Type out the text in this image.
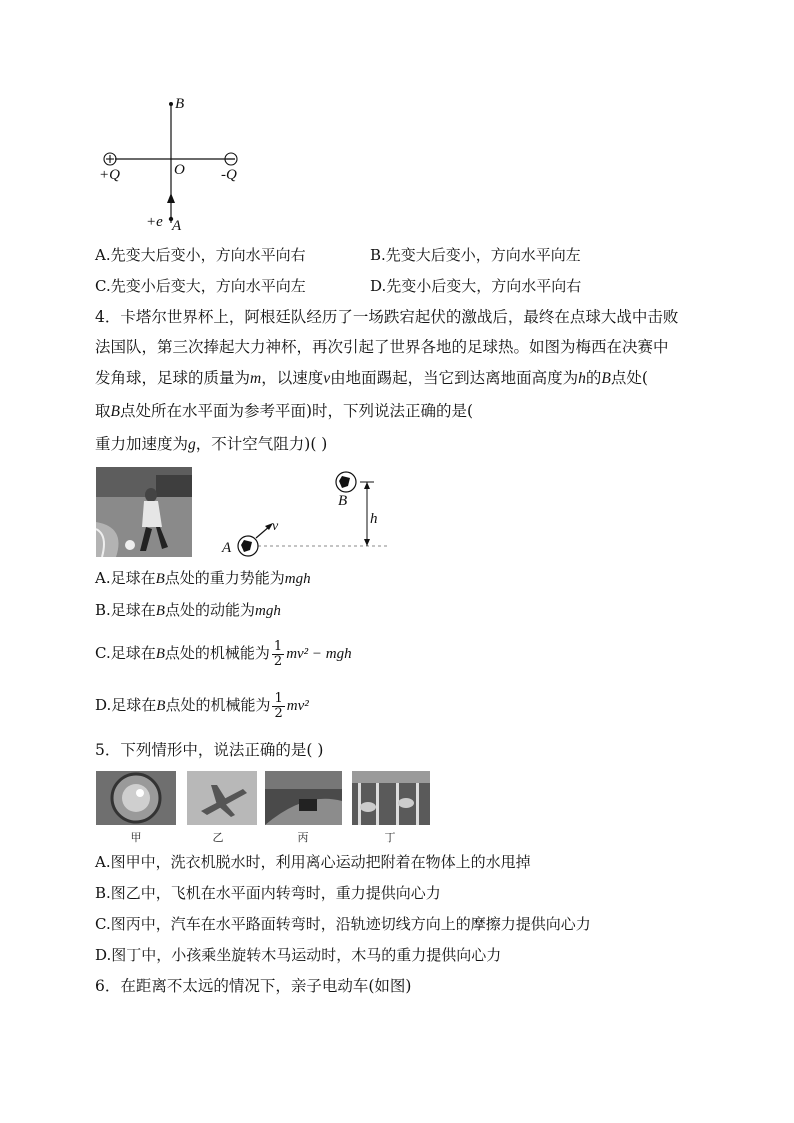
B
O
+Q	-Q
+e A
A.先变大后变小，方向水平向右	B.先变大后变小，方向水平向左
C.先变小后变大，方向水平向左	D.先变小后变大，方向水平向右
4．卡塔尔世界杯上，阿根廷队经历了一场跌宕起伏的激战后，最终在点球大战中击败
法国队，第三次捧起大力神杯，再次引起了世界各地的足球热。如图为梅西在决赛中
发角球，足球的质量为m，以速度v由地面踢起，当它到达离地面高度为h的B点处(
取B点处所在水平面为参考平面)时，下列说法正确的是(
重力加速度为g，不计空气阻力)( )
A
v
B
h
A.足球在B点处的重力势能为mgh
B.足球在B点处的动能为mgh
C.足球在B点处的机械能为 $\frac{1}{2} mv^2$ − mgh
D.足球在B点处的机械能为 $\frac{1}{2} mv^2$
5．下列情形中，说法正确的是( )
甲	乙	丙	丁
A.图甲中，洗衣机脱水时，利用离心运动把附着在物体上的水甩掉
B.图乙中，飞机在水平面内转弯时，重力提供向心力
C.图丙中，汽车在水平路面转弯时，沿轨迹切线方向上的摩擦力提供向心力
D.图丁中，小孩乘坐旋转木马运动时，木马的重力提供向心力
6．在距离不太远的情况下，亲子电动车(如图)
